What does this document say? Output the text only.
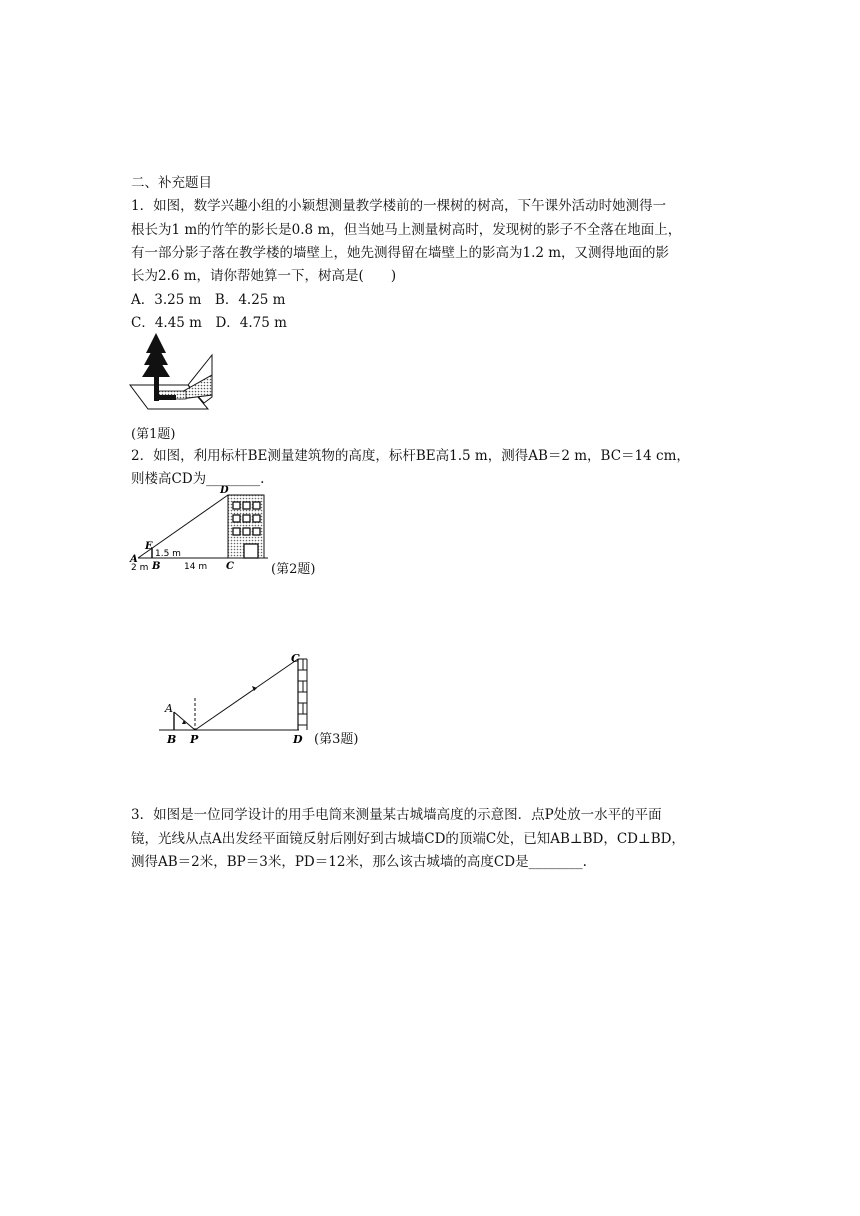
二、补充题目
1．如图，数学兴趣小组的小颖想测量教学楼前的一棵树的树高，下午课外活动时她测得一
根长为1 m的竹竿的影长是0.8 m，但当她马上测量树高时，发现树的影子不全落在地面上，
有一部分影子落在教学楼的墙壁上，她先测得留在墙壁上的影高为1.2 m，又测得地面的影
长为2.6 m，请你帮她算一下，树高是(　　)
A．3.25 m　B．4.25 m
C．4.45 m　D．4.75 m
(第1题)
2．如图，利用标杆BE测量建筑物的高度，标杆BE高1.5 m，测得AB＝2 m，BC＝14 cm，
则楼高CD为________.
D
E
A
B	C
1.5 m
2 m	14 m	(第2题)
A
B P
C
D (第3题)
3．如图是一位同学设计的用手电筒来测量某古城墙高度的示意图．点P处放一水平的平面
镜，光线从点A出发经平面镜反射后刚好到古城墙CD的顶端C处，已知AB⊥BD，CD⊥BD，
测得AB＝2米，BP＝3米，PD＝12米，那么该古城墙的高度CD是________.
